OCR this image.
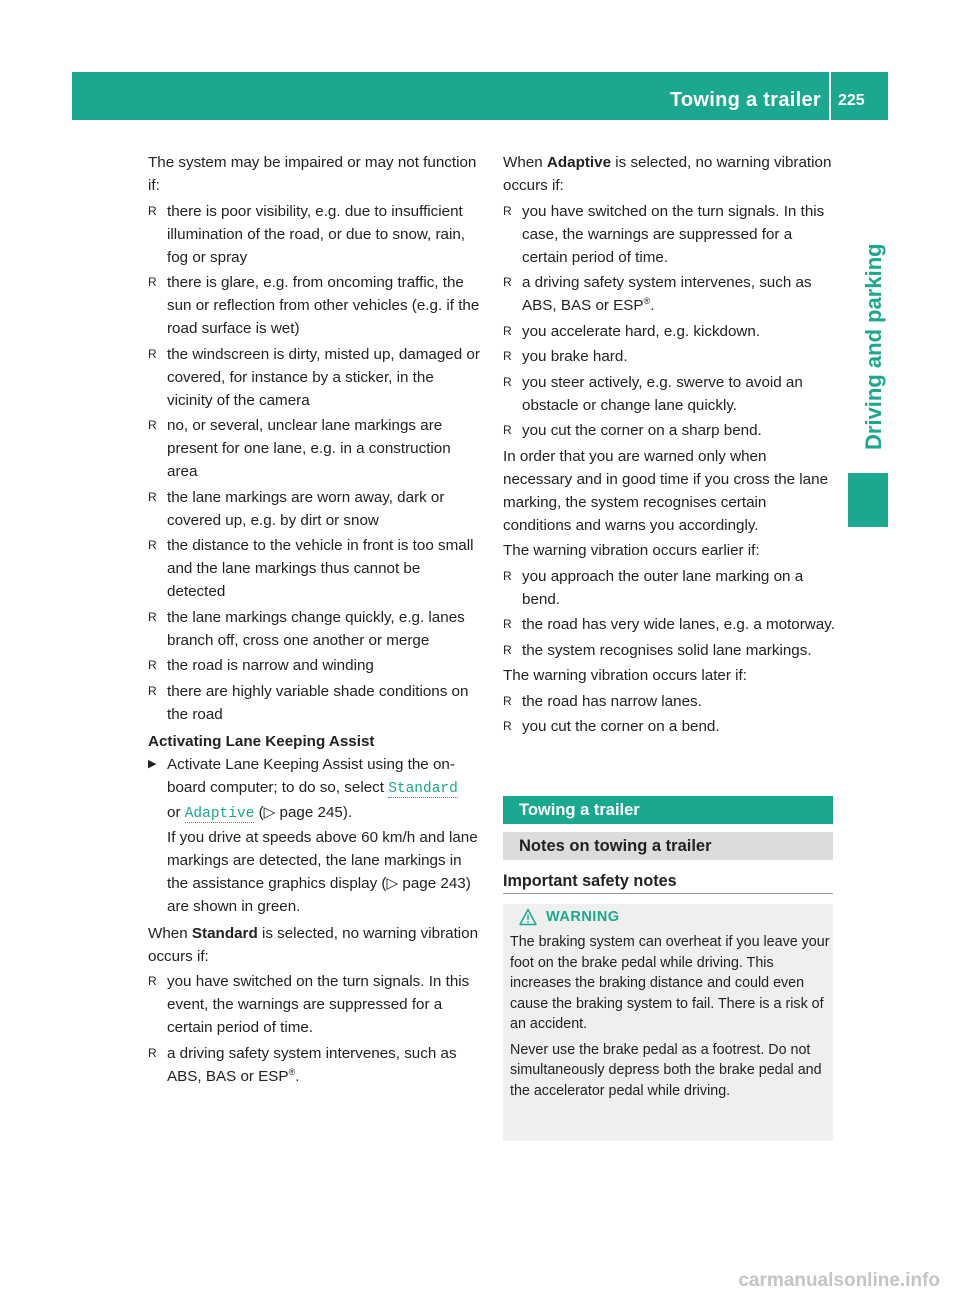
Towing a trailer 225
Driving and parking

The system may be impaired or may not function if:

R there is poor visibility, e.g. due to insufficient illumination of the road, or due to snow, rain, fog or spray
R there is glare, e.g. from oncoming traffic, the sun or reflection from other vehicles (e.g. if the road surface is wet)
R the windscreen is dirty, misted up, damaged or covered, for instance by a sticker, in the vicinity of the camera
R no, or several, unclear lane markings are present for one lane, e.g. in a construction area
R the lane markings are worn away, dark or covered up, e.g. by dirt or snow
R the distance to the vehicle in front is too small and the lane markings thus cannot be detected
R the lane markings change quickly, e.g. lanes branch off, cross one another or merge
R the road is narrow and winding
R there are highly variable shade conditions on the road

Activating Lane Keeping Assist

▶ Activate Lane Keeping Assist using the on-board computer; to do so, select Standard
or Adaptive (▷ page 245).
If you drive at speeds above 60 km/h and lane markings are detected, the lane markings in the assistance graphics display (▷ page 243) are shown in green.

When Standard is selected, no warning vibration occurs if:

R you have switched on the turn signals. In this event, the warnings are suppressed for a certain period of time.
R a driving safety system intervenes, such as ABS, BAS or ESP®.

When Adaptive is selected, no warning vibration occurs if:

R you have switched on the turn signals. In this case, the warnings are suppressed for a certain period of time.
R a driving safety system intervenes, such as ABS, BAS or ESP®.
R you accelerate hard, e.g. kickdown.
R you brake hard.
R you steer actively, e.g. swerve to avoid an obstacle or change lane quickly.
R you cut the corner on a sharp bend.

In order that you are warned only when necessary and in good time if you cross the lane marking, the system recognises certain conditions and warns you accordingly.

The warning vibration occurs earlier if:

R you approach the outer lane marking on a bend.
R the road has very wide lanes, e.g. a motorway.
R the system recognises solid lane markings.

The warning vibration occurs later if:

R the road has narrow lanes.
R you cut the corner on a bend.
Towing a trailer
Notes on towing a trailer
Important safety notes
WARNING

The braking system can overheat if you leave your foot on the brake pedal while driving. This increases the braking distance and could even cause the braking system to fail. There is a risk of an accident.

Never use the brake pedal as a footrest. Do not simultaneously depress both the brake pedal and the accelerator pedal while driving.

carmanualsonline.info
